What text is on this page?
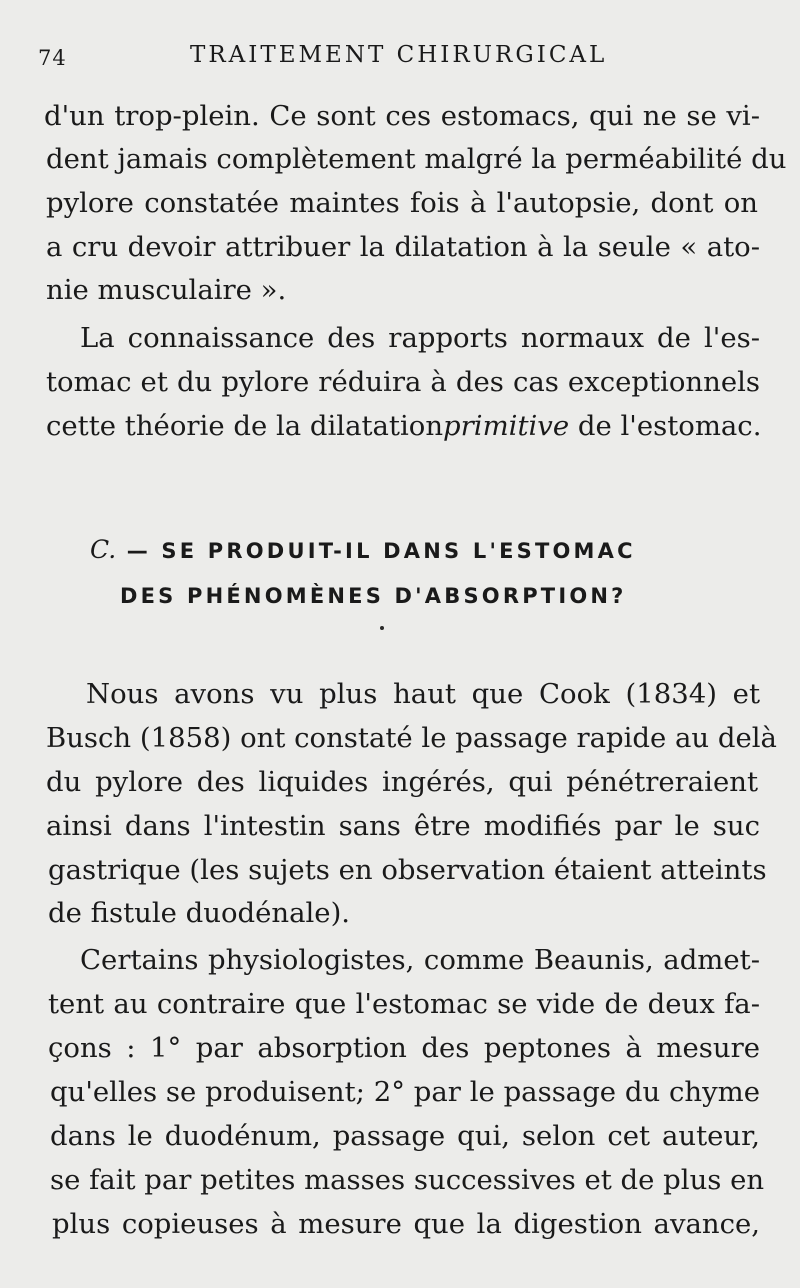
74	TRAITEMENT CHIRURGICAL
d'un trop-plein. Ce sont ces estomacs, qui ne se vi-
dent jamais complètement malgré la perméabilité du
pylore constatée maintes fois à l'autopsie, dont on
a cru devoir attribuer la dilatation à la seule « ato-
nie musculaire ».
La connaissance des rapports normaux de l'es-
tomac et du pylore réduira à des cas exceptionnels
cette théorie de la dilatationprimitive de l'estomac.
C. — SE PRODUIT-IL DANS L'ESTOMAC
DES PHÉNOMÈNES D'ABSORPTION?
Nous avons vu plus haut que Cook (1834) et
Busch (1858) ont constaté le passage rapide au delà
du pylore des liquides ingérés, qui pénétreraient
ainsi dans l'intestin sans être modifiés par le suc
gastrique (les sujets en observation étaient atteints
de fistule duodénale).
Certains physiologistes, comme Beaunis, admet-
tent au contraire que l'estomac se vide de deux fa-
çons : 1° par absorption des peptones à mesure
qu'elles se produisent; 2° par le passage du chyme
dans le duodénum, passage qui, selon cet auteur,
se fait par petites masses successives et de plus en
plus copieuses à mesure que la digestion avance,
